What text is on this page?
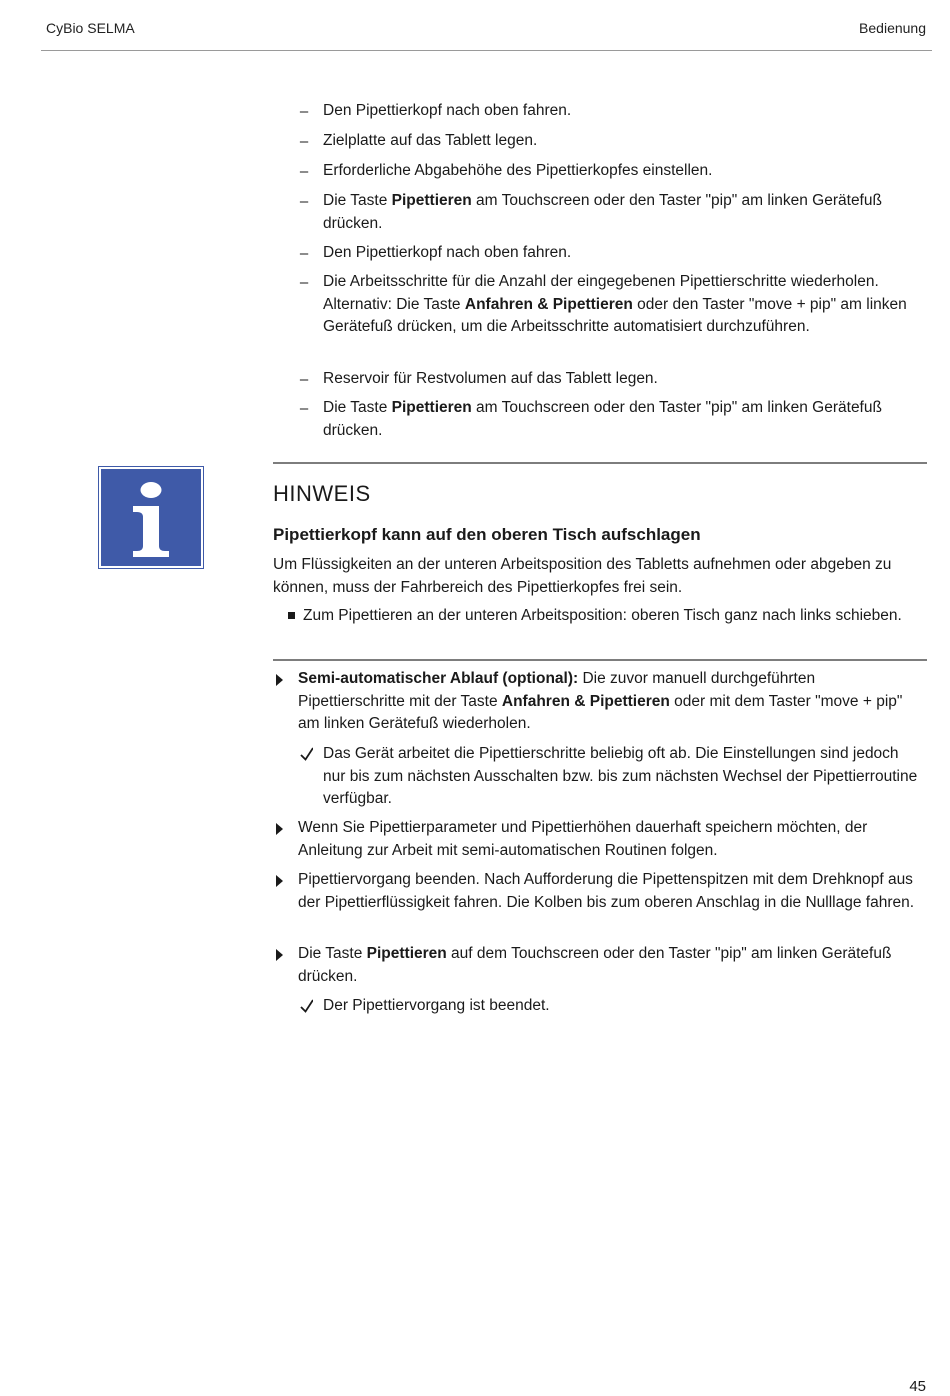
CyBio SELMA	Bedienung
– Den Pipettierkopf nach oben fahren.

– Zielplatte auf das Tablett legen.

– Erforderliche Abgabehöhe des Pipettierkopfes einstellen.

– Die Taste Pipettieren am Touchscreen oder den Taster "pip" am linken Gerätefuß drücken.

– Den Pipettierkopf nach oben fahren.

– Die Arbeitsschritte für die Anzahl der eingegebenen Pipettierschritte wiederholen. Alternativ: Die Taste Anfahren & Pipettieren oder den Taster "move + pip" am linken Gerätefuß drücken, um die Arbeitsschritte automatisiert durchzuführen.

– Reservoir für Restvolumen auf das Tablett legen.

– Die Taste Pipettieren am Touchscreen oder den Taster "pip" am linken Gerätefuß drücken.

HINWEIS
Pipettierkopf kann auf den oberen Tisch aufschlagen

Um Flüssigkeiten an der unteren Arbeitsposition des Tabletts aufnehmen oder abgeben zu können, muss der Fahrbereich des Pipettierkopfes frei sein.

Zum Pipettieren an der unteren Arbeitsposition: oberen Tisch ganz nach links schieben.

Semi-automatischer Ablauf (optional): Die zuvor manuell durchgeführten Pipettierschritte mit der Taste Anfahren & Pipettieren oder mit dem Taster "move + pip" am linken Gerätefuß wiederholen.

Das Gerät arbeitet die Pipettierschritte beliebig oft ab. Die Einstellungen sind jedoch nur bis zum nächsten Ausschalten bzw. bis zum nächsten Wechsel der Pipettierroutine verfügbar.

Wenn Sie Pipettierparameter und Pipettierhöhen dauerhaft speichern möchten, der Anleitung zur Arbeit mit semi-automatischen Routinen folgen.

Pipettiervorgang beenden. Nach Aufforderung die Pipettenspitzen mit dem Drehknopf aus der Pipettierflüssigkeit fahren. Die Kolben bis zum oberen Anschlag in die Nulllage fahren.

Die Taste Pipettieren auf dem Touchscreen oder den Taster "pip" am linken Gerätefuß drücken.

Der Pipettiervorgang ist beendet.

45
